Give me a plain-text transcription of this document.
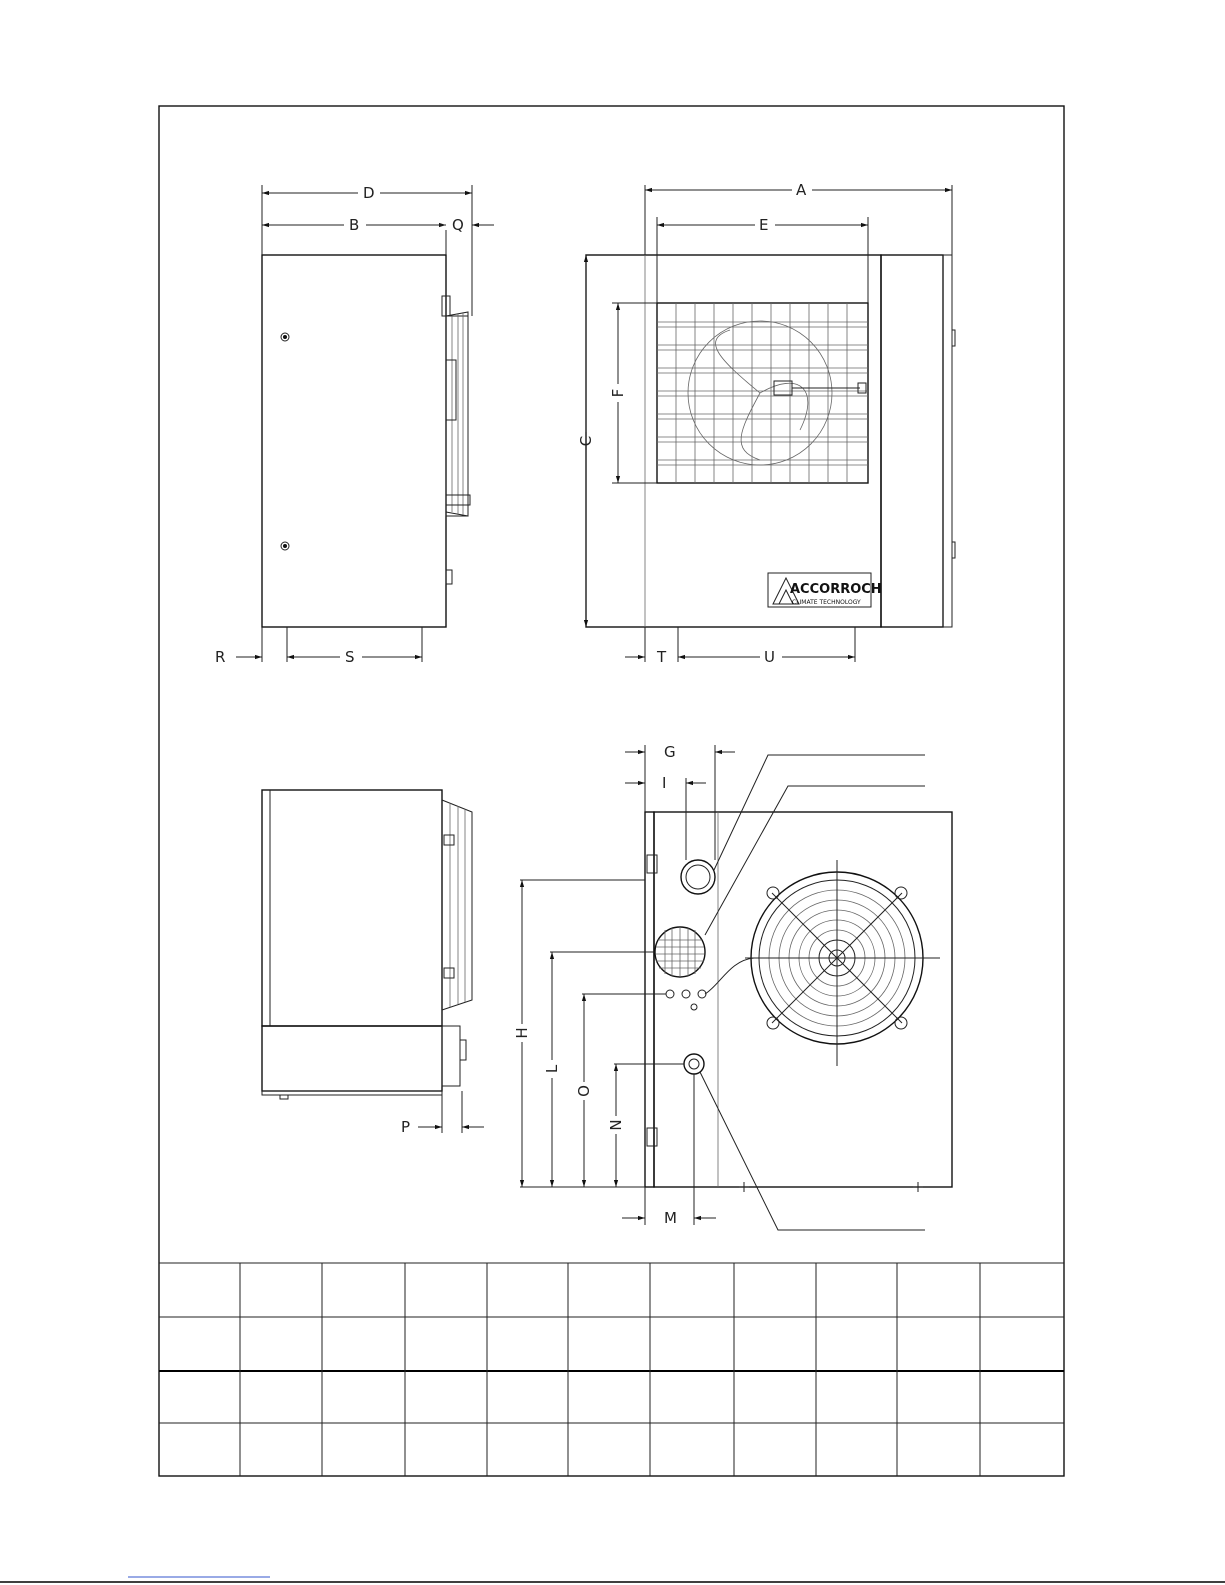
D
B	Q
R	S
ACCORROCH
CLIMATE TECHNOLOGY
A
E
C
F
T	U
P
G
I
H
L
O
N
M
